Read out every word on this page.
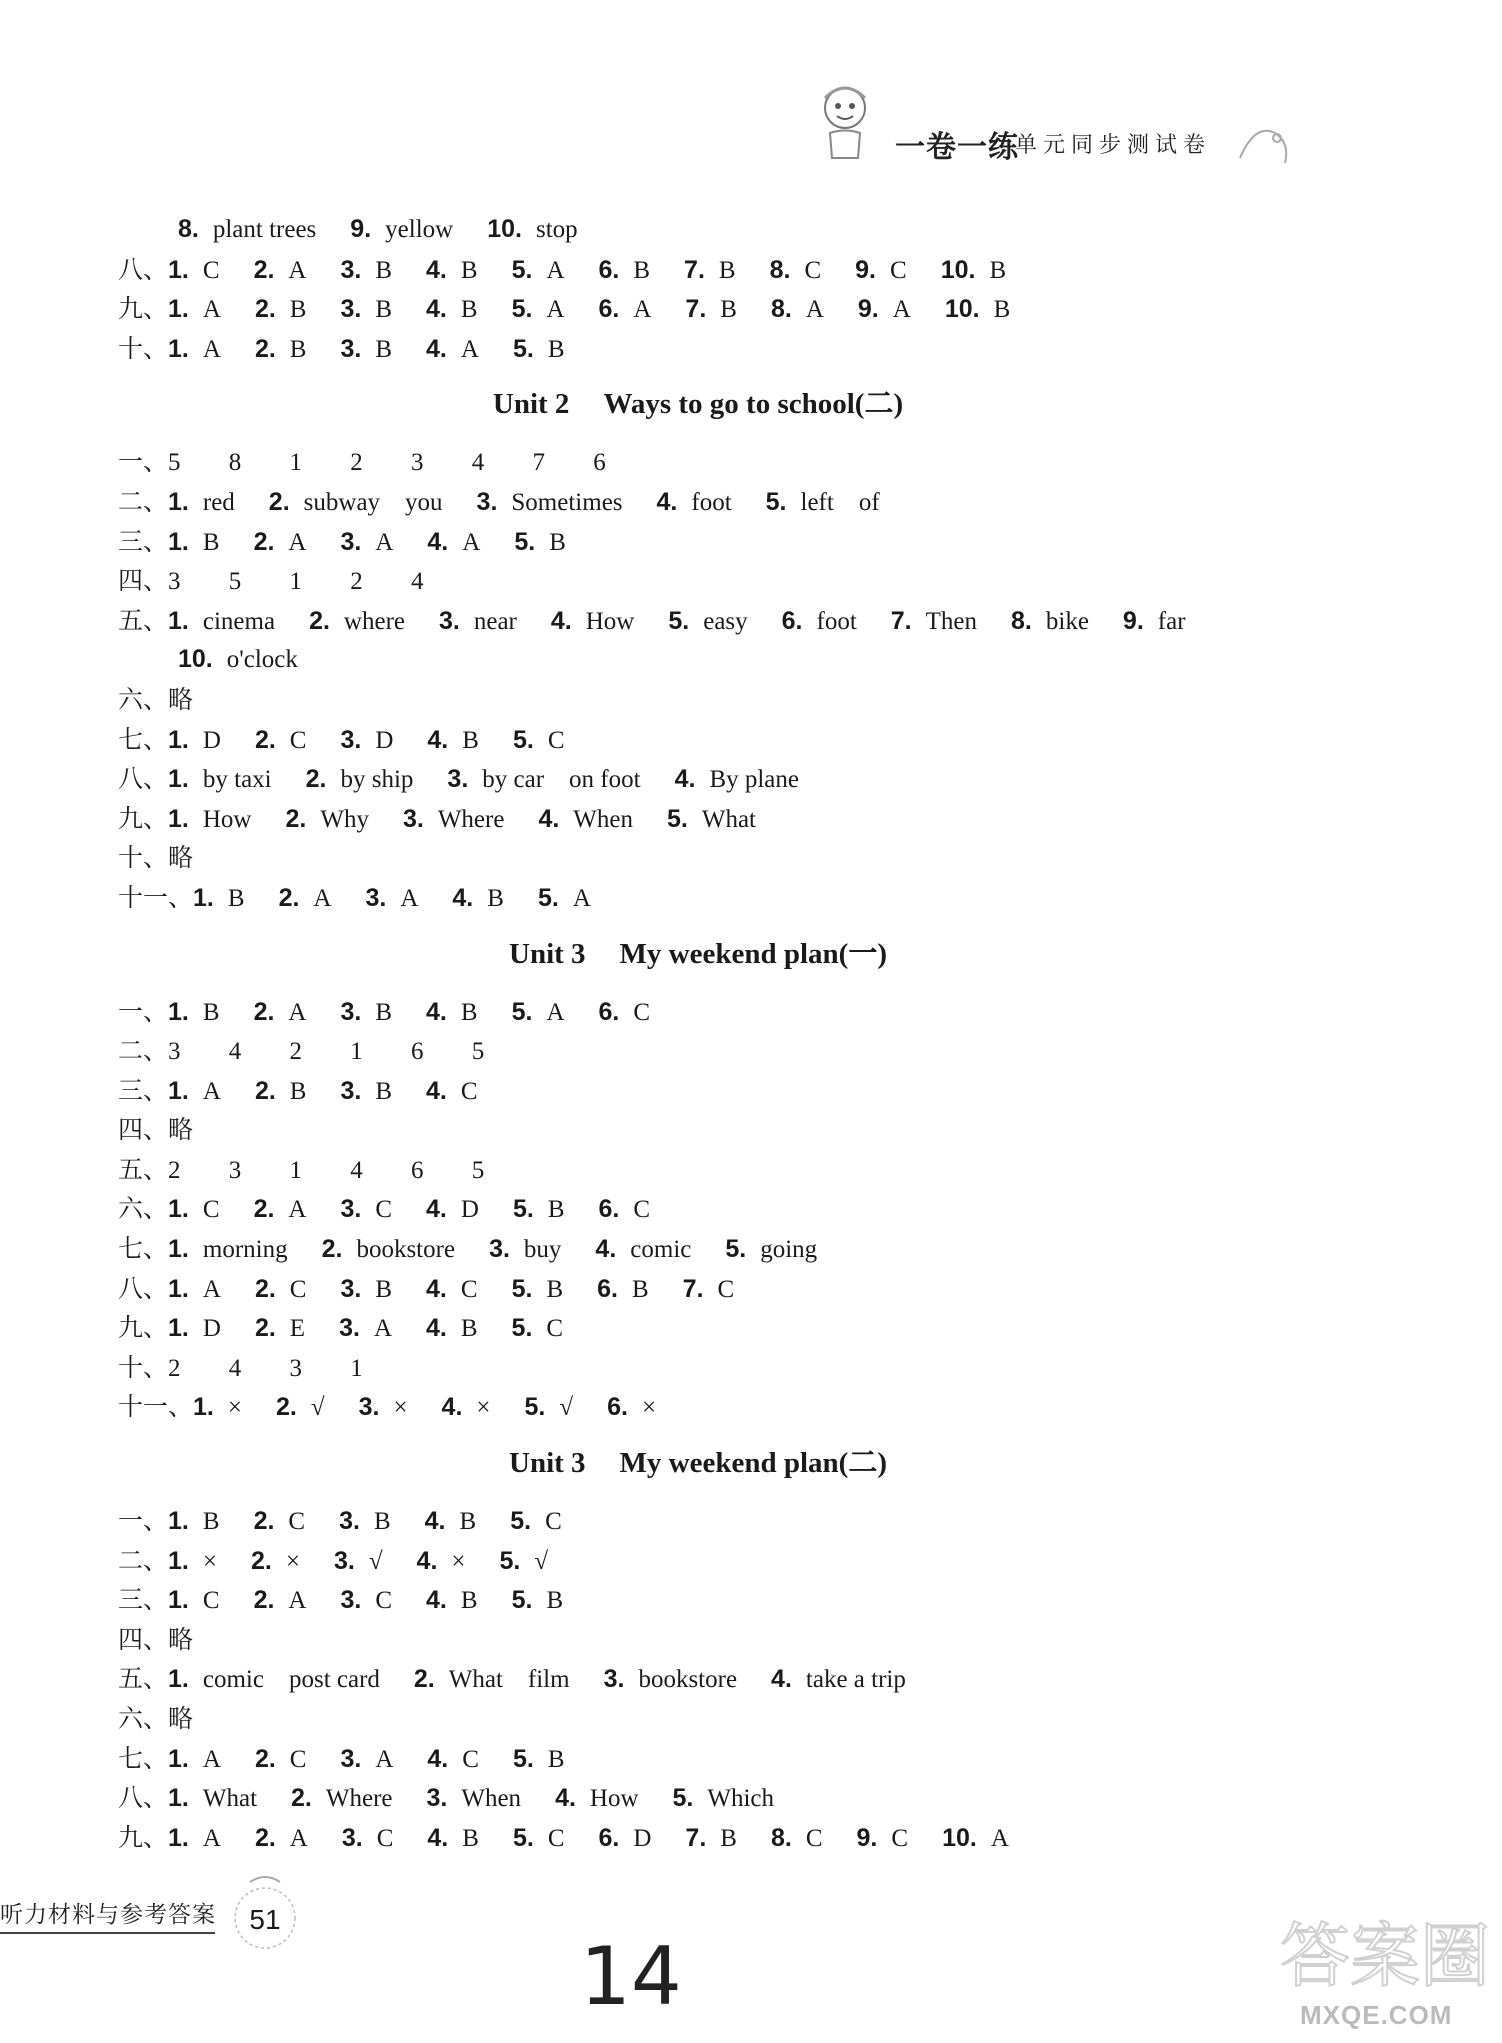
一卷一练
单元同步测试卷
8. plant trees 9. yellow 10. stop
八、1. C 2. A 3. B 4. B 5. A 6. B 7. B 8. C 9. C 10. B
九、1. A 2. B 3. B 4. B 5. A 6. A 7. B 8. A 9. A 10. B
十、1. A 2. B 3. B 4. A 5. B
Unit 2 Ways to go to school(二)
一、5 8 1 2 3 4 7 6
二、1. red 2. subway    you 3. Sometimes 4. foot 5. left    of
三、1. B 2. A 3. A 4. A 5. B
四、3 5 1 2 4
五、1. cinema 2. where 3. near 4. How 5. easy 6. foot 7. Then 8. bike 9. far
10. o'clock
六、略
七、1. D 2. C 3. D 4. B 5. C
八、1. by taxi 2. by ship 3. by car    on foot 4. By plane
九、1. How 2. Why 3. Where 4. When 5. What
十、略
十一、1. B 2. A 3. A 4. B 5. A
Unit 3 My weekend plan(一)
一、1. B 2. A 3. B 4. B 5. A 6. C
二、3 4 2 1 6 5
三、1. A 2. B 3. B 4. C
四、略
五、2 3 1 4 6 5
六、1. C 2. A 3. C 4. D 5. B 6. C
七、1. morning 2. bookstore 3. buy 4. comic 5. going
八、1. A 2. C 3. B 4. C 5. B 6. B 7. C
九、1. D 2. E 3. A 4. B 5. C
十、2 4 3 1
十一、1. × 2. √ 3. × 4. × 5. √ 6. ×
Unit 3 My weekend plan(二)
一、1. B 2. C 3. B 4. B 5. C
二、1. × 2. × 3. √ 4. × 5. √
三、1. C 2. A 3. C 4. B 5. B
四、略
五、1. comic    post card 2. What    film 3. bookstore 4. take a trip
六、略
七、1. A 2. C 3. A 4. C 5. B
八、1. What 2. Where 3. When 4. How 5. Which
九、1. A 2. A 3. C 4. B 5. C 6. D 7. B 8. C 9. C 10. A
听力材料与参考答案	51
14	答案圈
MXQE.COM
